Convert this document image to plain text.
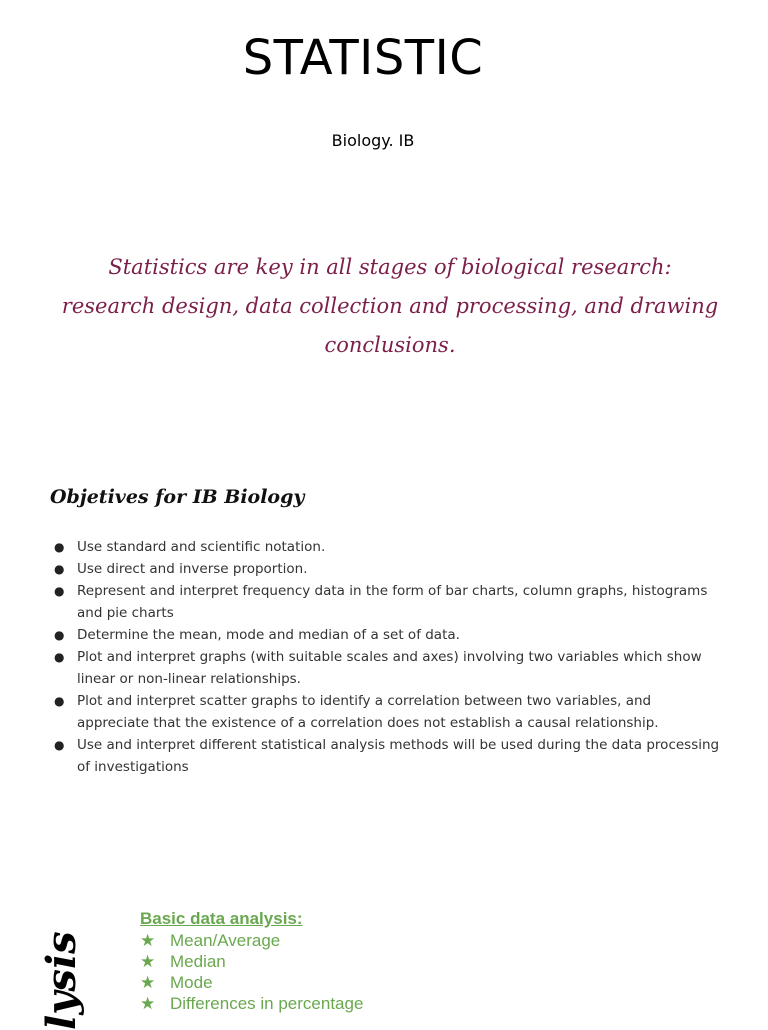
STATISTIC
Biology. IB
Statistics are key in all stages of biological research: research design, data collection and processing, and drawing conclusions.
Objetives for IB Biology
● Use standard and scientific notation.
● Use direct and inverse proportion.
● Represent and interpret frequency data in the form of bar charts, column graphs, histograms and pie charts
● Determine the mean, mode and median of a set of data.
● Plot and interpret graphs (with suitable scales and axes) involving two variables which show linear or non-linear relationships.
● Plot and interpret scatter graphs to identify a correlation between two variables, and appreciate that the existence of a correlation does not establish a causal relationship.
● Use and interpret different statistical analysis methods will be used during the data processing of investigations
Basic data analysis:
★ Mean/Average
★ Median
★ Mode
★ Differences in percentage
lysis
